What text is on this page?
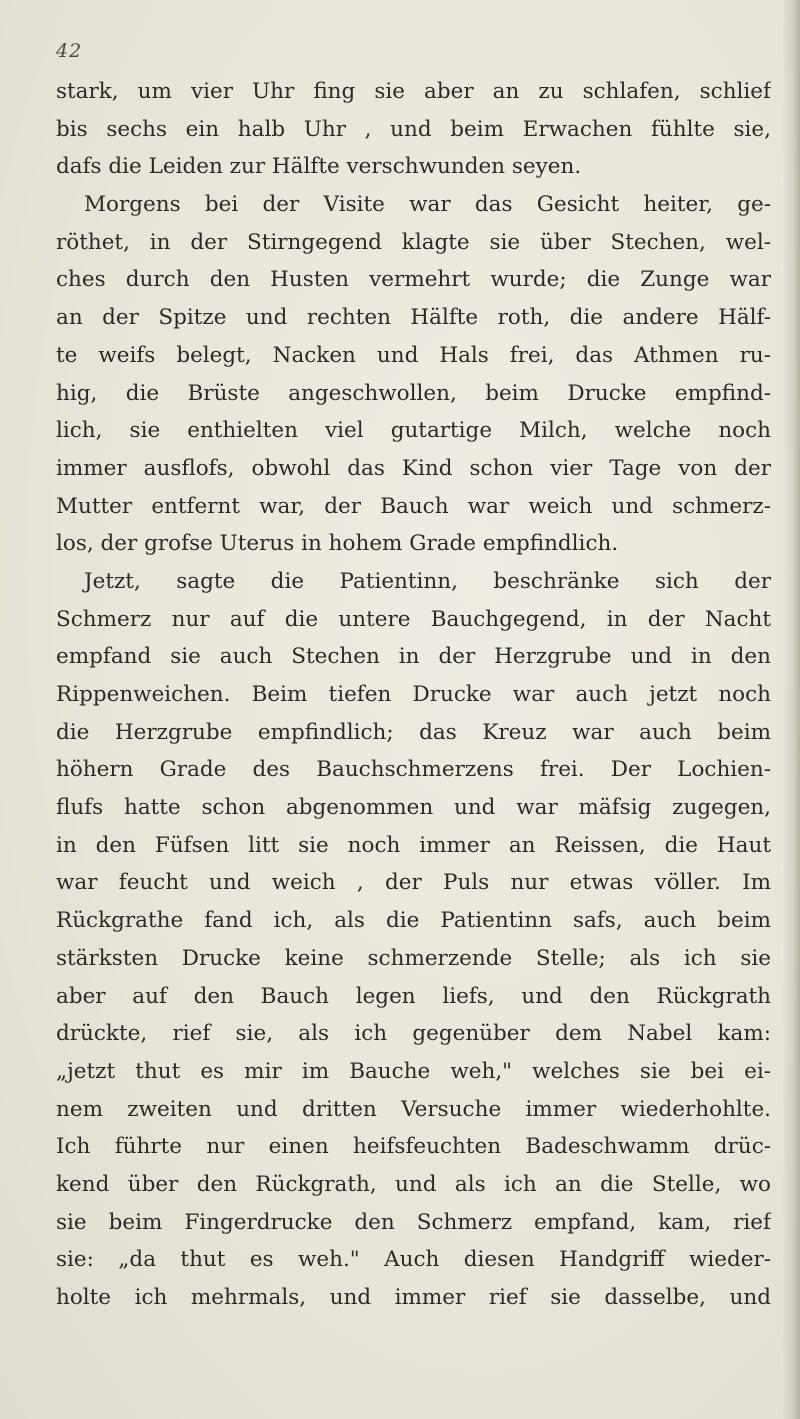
42
stark, um vier Uhr fing sie aber an zu schlafen, schlief
bis sechs ein halb Uhr , und beim Erwachen fühlte sie,
dafs die Leiden zur Hälfte verschwunden seyen.
Morgens bei der Visite war das Gesicht heiter, ge-
röthet, in der Stirngegend klagte sie über Stechen, wel-
ches durch den Husten vermehrt wurde; die Zunge war
an der Spitze und rechten Hälfte roth, die andere Hälf-
te weifs belegt, Nacken und Hals frei, das Athmen ru-
hig, die Brüste angeschwollen, beim Drucke empfind-
lich, sie enthielten viel gutartige Milch, welche noch
immer ausflofs, obwohl das Kind schon vier Tage von der
Mutter entfernt war, der Bauch war weich und schmerz-
los, der grofse Uterus in hohem Grade empfindlich.
Jetzt, sagte die Patientinn, beschränke sich der
Schmerz nur auf die untere Bauchgegend, in der Nacht
empfand sie auch Stechen in der Herzgrube und in den
Rippenweichen. Beim tiefen Drucke war auch jetzt noch
die Herzgrube empfindlich; das Kreuz war auch beim
höhern Grade des Bauchschmerzens frei. Der Lochien-
flufs hatte schon abgenommen und war mäfsig zugegen,
in den Füfsen litt sie noch immer an Reissen, die Haut
war feucht und weich , der Puls nur etwas völler. Im
Rückgrathe fand ich, als die Patientinn safs, auch beim
stärksten Drucke keine schmerzende Stelle; als ich sie
aber auf den Bauch legen liefs, und den Rückgrath
drückte, rief sie, als ich gegenüber dem Nabel kam:
„jetzt thut es mir im Bauche weh," welches sie bei ei-
nem zweiten und dritten Versuche immer wiederhohlte.
Ich führte nur einen heifsfeuchten Badeschwamm drüc-
kend über den Rückgrath, und als ich an die Stelle, wo
sie beim Fingerdrucke den Schmerz empfand, kam, rief
sie: „da thut es weh." Auch diesen Handgriff wieder-
holte ich mehrmals, und immer rief sie dasselbe, und
